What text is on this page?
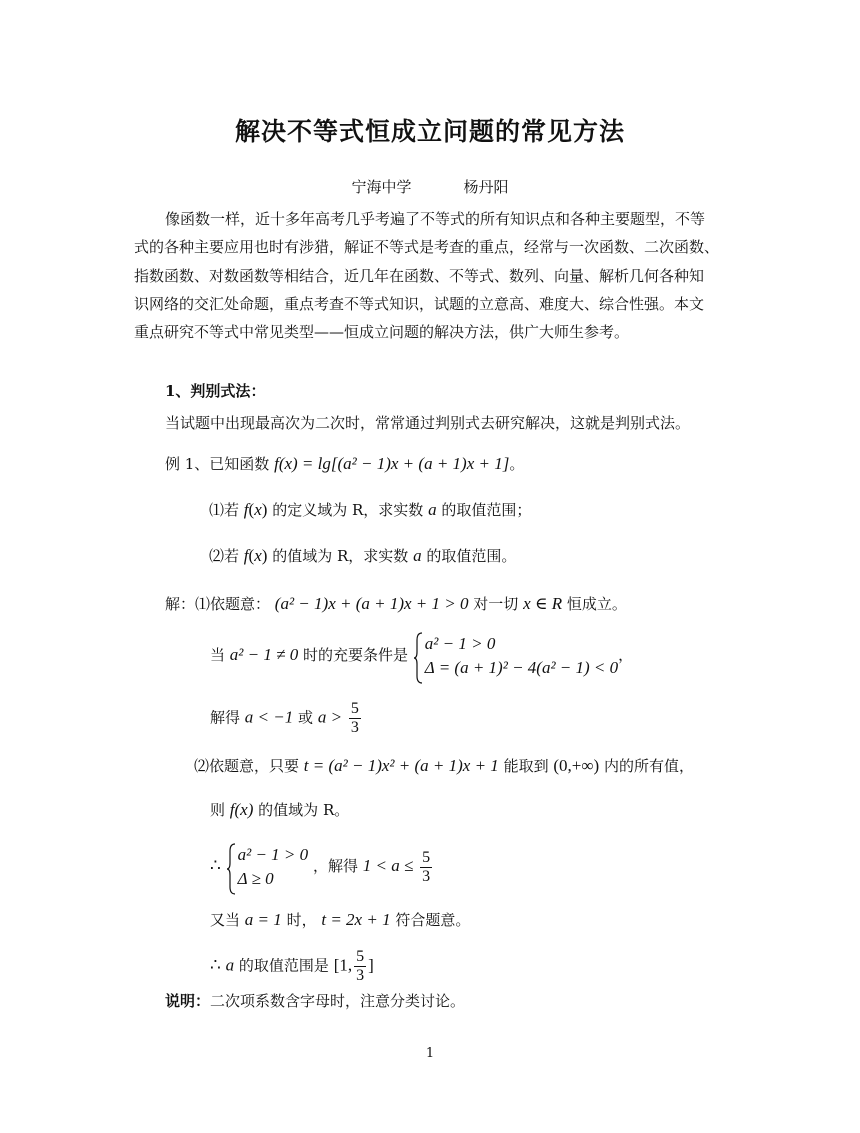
解决不等式恒成立问题的常见方法
宁海中学	杨丹阳
像函数一样，近十多年高考几乎考遍了不等式的所有知识点和各种主要题型，不等
式的各种主要应用也时有涉猎，解证不等式是考查的重点，经常与一次函数、二次函数、
指数函数、对数函数等相结合，近几年在函数、不等式、数列、向量、解析几何各种知
识网络的交汇处命题，重点考查不等式知识，试题的立意高、难度大、综合性强。本文
重点研究不等式中常见类型——恒成立问题的解决方法，供广大师生参考。
1、判别式法：
当试题中出现最高次为二次时，常常通过判别式去研究解决，这就是判别式法。
例 1、已知函数 f(x) = lg[(a² − 1)x + (a + 1)x + 1]。
⑴若 f(x) 的定义域为 R，求实数 a 的取值范围；
⑵若 f(x) 的值域为 R，求实数 a 的取值范围。
解：⑴依题意： (a² − 1)x + (a + 1)x + 1 > 0 对一切 x ∈ R 恒成立。
当 a² − 1 ≠ 0 时的充要条件是
a² − 1 > 0
Δ = (a + 1)² − 4(a² − 1) < 0
，
解得 a < −1 或 $a > \frac{5}{3}$
⑵依题意，只要 t = (a² − 1)x² + (a + 1)x + 1 能取到 (0,+∞) 内的所有值，
则 f(x) 的值域为 R。
∴
a² − 1 > 0
Δ ≥ 0
，解得 $1 < a \le \frac{5}{3}$
又当 a = 1 时， t = 2x + 1 符合题意。
∴ a 的取值范围是 [1, $\frac{5}{3}$ ]
说明：二次项系数含字母时，注意分类讨论。
1
